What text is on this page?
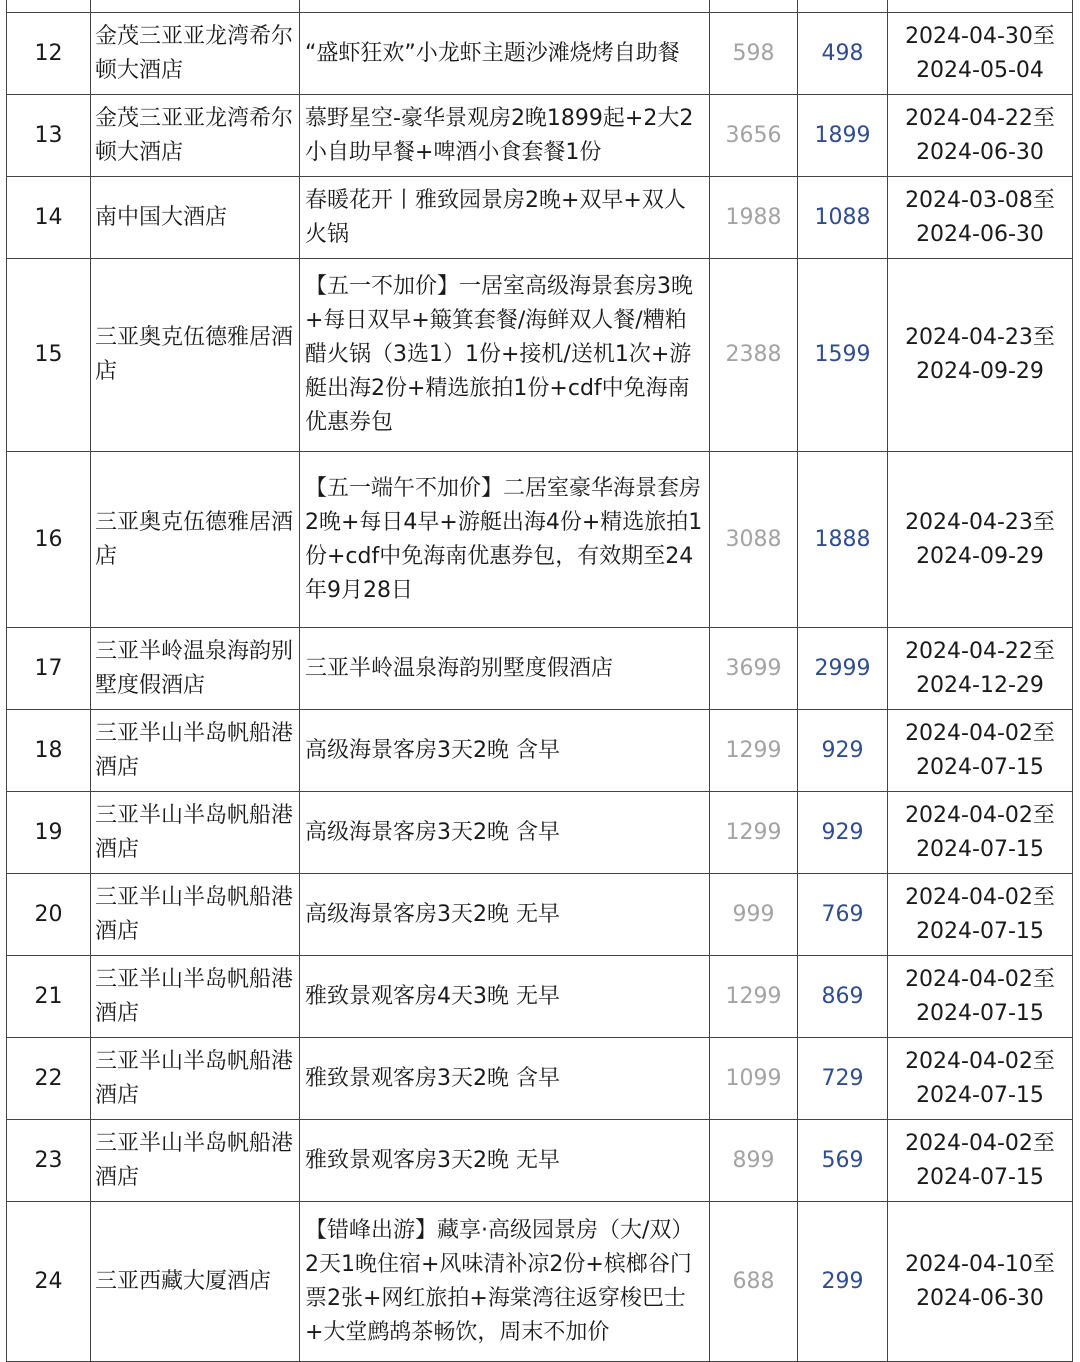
12	金茂三亚亚龙湾希尔顿大酒店	“盛虾狂欢”小龙虾主题沙滩烧烤自助餐	598	498	2024-04-30至
2024-05-04

13	金茂三亚亚龙湾希尔顿大酒店	慕野星空-豪华景观房2晚1899起+2大2小自助早餐+啤酒小食套餐1份	3656	1899	2024-04-22至
2024-06-30

14	南中国大酒店	春暖花开丨雅致园景房2晚+双早+双人火锅	1988	1088	2024-03-08至
2024-06-30

15	三亚奥克伍德雅居酒店	【五一不加价】一居室高级海景套房3晚+每日双早+簸箕套餐/海鲜双人餐/糟粕醋火锅（3选1）1份+接机/送机1次+游艇出海2份+精选旅拍1份+cdf中免海南优惠券包	2388	1599	2024-04-23至
2024-09-29

16	三亚奥克伍德雅居酒店	【五一端午不加价】二居室豪华海景套房2晚+每日4早+游艇出海4份+精选旅拍1份+cdf中免海南优惠券包，有效期至24年9月28日	3088	1888	2024-04-23至
2024-09-29

17	三亚半岭温泉海韵别墅度假酒店	三亚半岭温泉海韵别墅度假酒店	3699	2999	2024-04-22至
2024-12-29

18	三亚半山半岛帆船港酒店	高级海景客房3天2晚 含早	1299	929	2024-04-02至
2024-07-15

19	三亚半山半岛帆船港酒店	高级海景客房3天2晚 含早	1299	929	2024-04-02至
2024-07-15

20	三亚半山半岛帆船港酒店	高级海景客房3天2晚 无早	999	769	2024-04-02至
2024-07-15

21	三亚半山半岛帆船港酒店	雅致景观客房4天3晚 无早	1299	869	2024-04-02至
2024-07-15

22	三亚半山半岛帆船港酒店	雅致景观客房3天2晚 含早	1099	729	2024-04-02至
2024-07-15

23	三亚半山半岛帆船港酒店	雅致景观客房3天2晚 无早	899	569	2024-04-02至
2024-07-15

24	三亚西藏大厦酒店	【错峰出游】藏享·高级园景房（大/双）2天1晚住宿+风味清补凉2份+槟榔谷门票2张+网红旅拍+海棠湾往返穿梭巴士+大堂鹧鸪茶畅饮，周末不加价	688	299	2024-04-10至
2024-06-30
